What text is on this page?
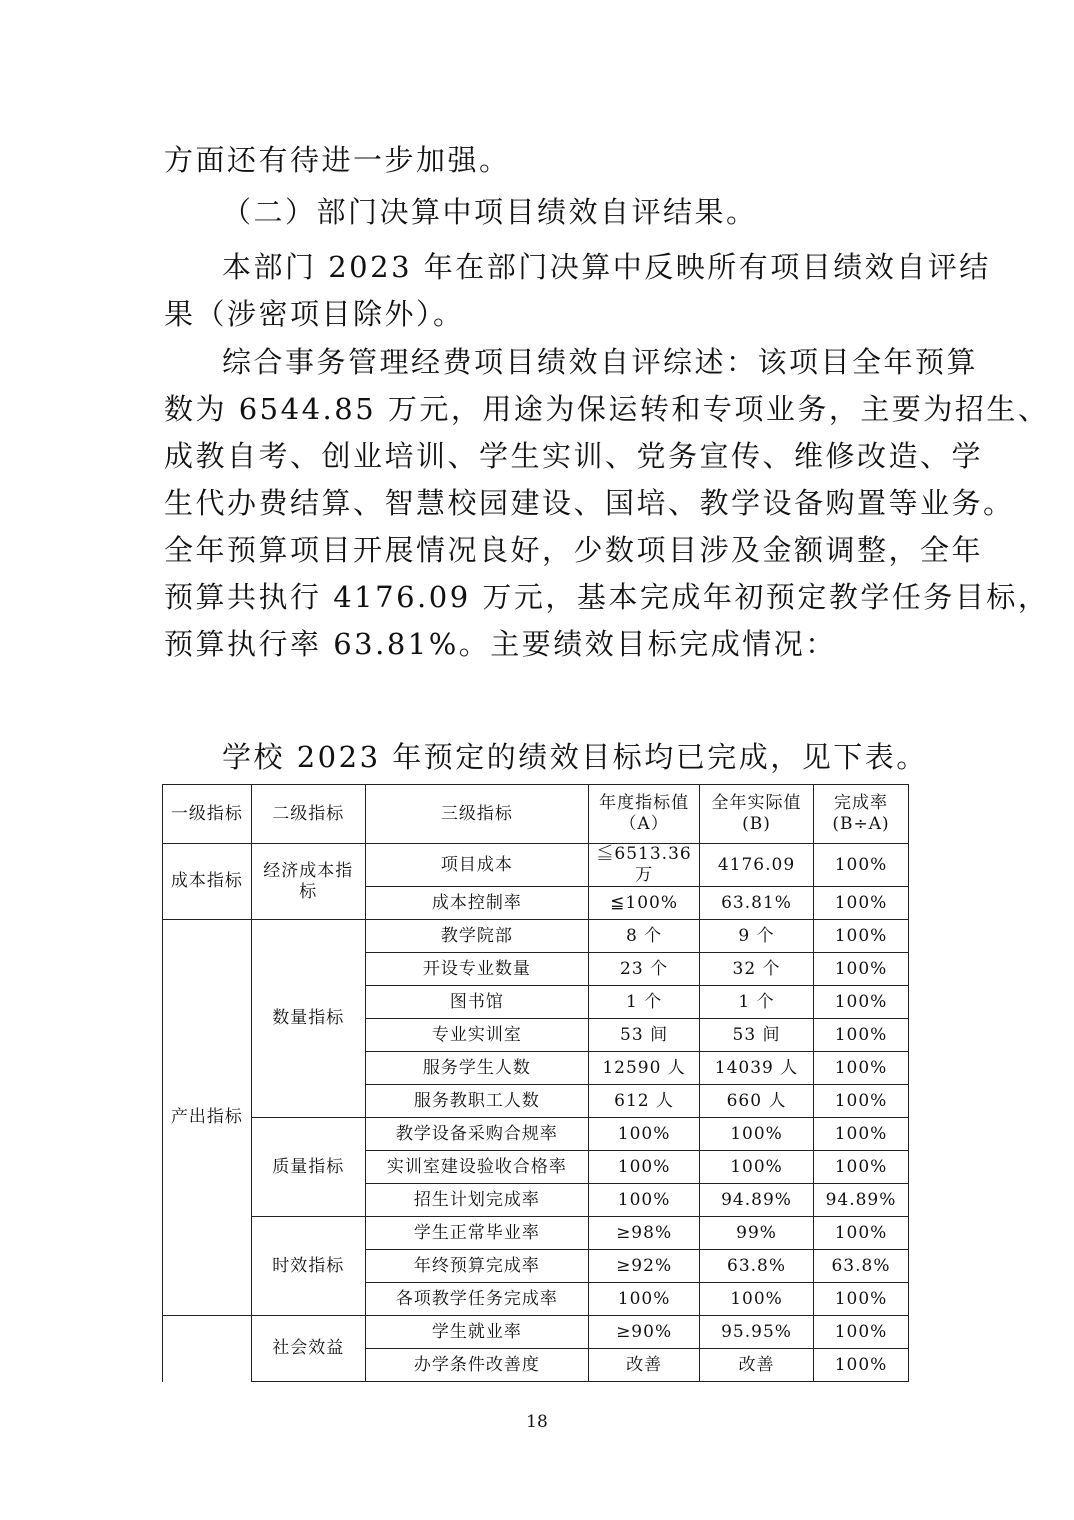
方面还有待进一步加强。
（二）部门决算中项目绩效自评结果。
本部门 2023 年在部门决算中反映所有项目绩效自评结
果（涉密项目除外）。
综合事务管理经费项目绩效自评综述：该项目全年预算
数为 6544.85 万元，用途为保运转和专项业务，主要为招生、
成教自考、创业培训、学生实训、党务宣传、维修改造、学
生代办费结算、智慧校园建设、国培、教学设备购置等业务。
全年预算项目开展情况良好，少数项目涉及金额调整，全年
预算共执行 4176.09 万元，基本完成年初预定教学任务目标，
预算执行率 63.81%。主要绩效目标完成情况：
学校 2023 年预定的绩效目标均已完成，见下表。
一级指标	二级指标	三级指标	年度指标值（A）	全年实际值(B)	完成率(B÷A)
成本指标	经济成本指标	项目成本	≦6513.36 万	4176.09	100%
		成本控制率	≦100%	63.81%	100%
产出指标	数量指标	教学院部	8 个	9 个	100%
		开设专业数量	23 个	32 个	100%
		图书馆	1 个	1 个	100%
		专业实训室	53 间	53 间	100%
		服务学生人数	12590 人	14039 人	100%
		服务教职工人数	612 人	660 人	100%
	质量指标	教学设备采购合规率	100%	100%	100%
		实训室建设验收合格率	100%	100%	100%
		招生计划完成率	100%	94.89%	94.89%
	时效指标	学生正常毕业率	≥98%	99%	100%
		年终预算完成率	≥92%	63.8%	63.8%
		各项教学任务完成率	100%	100%	100%
	社会效益	学生就业率	≥90%	95.95%	100%
		办学条件改善度	改善	改善	100%
18
